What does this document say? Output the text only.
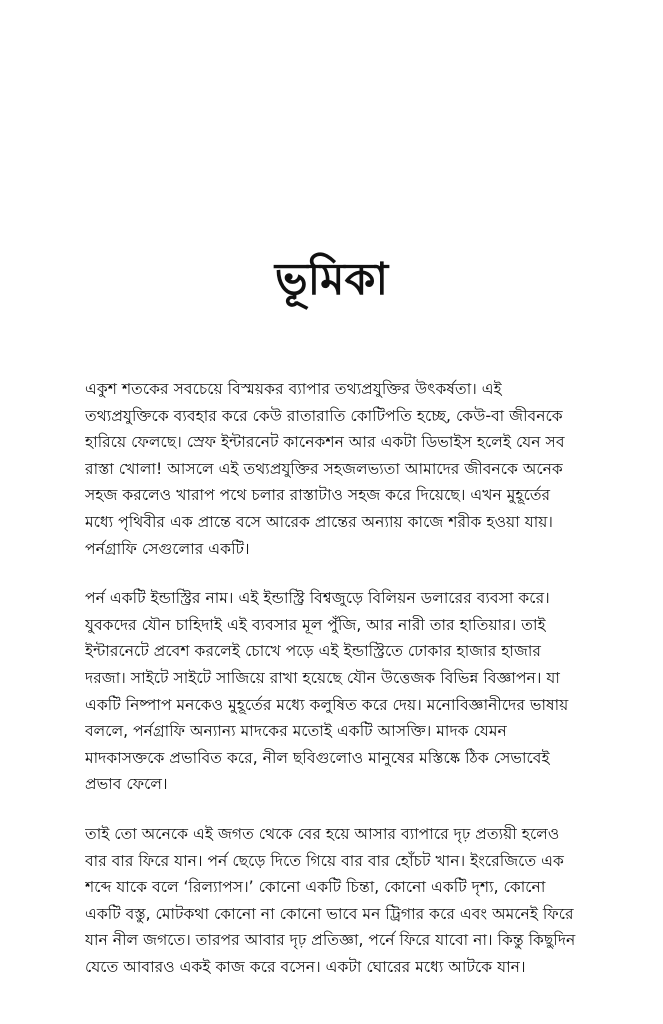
ভূমিকা

একুশ শতকের সবচেয়ে বিস্ময়কর ব্যাপার তথ্যপ্রযুক্তির উৎকর্ষতা। এই
তথ্যপ্রযুক্তিকে ব্যবহার করে কেউ রাতারাতি কোটিপতি হচ্ছে, কেউ-বা জীবনকে
হারিয়ে ফেলছে। স্রেফ ইন্টারনেট কানেকশন আর একটা ডিভাইস হলেই যেন সব
রাস্তা খোলা! আসলে এই তথ্যপ্রযুক্তির সহজলভ্যতা আমাদের জীবনকে অনেক
সহজ করলেও খারাপ পথে চলার রাস্তাটাও সহজ করে দিয়েছে। এখন মুহূর্তের
মধ্যে পৃথিবীর এক প্রান্তে বসে আরেক প্রান্তের অন্যায় কাজে শরীক হওয়া যায়।
পর্নগ্রাফি সেগুলোর একটি।

পর্ন একটি ইন্ডাস্ট্রির নাম। এই ইন্ডাস্ট্রি বিশ্বজুড়ে বিলিয়ন ডলারের ব্যবসা করে।
যুবকদের যৌন চাহিদাই এই ব্যবসার মূল পুঁজি, আর নারী তার হাতিয়ার। তাই
ইন্টারনেটে প্রবেশ করলেই চোখে পড়ে এই ইন্ডাস্ট্রিতে ঢোকার হাজার হাজার
দরজা। সাইটে সাইটে সাজিয়ে রাখা হয়েছে যৌন উত্তেজক বিভিন্ন বিজ্ঞাপন। যা
একটি নিষ্পাপ মনকেও মুহূর্তের মধ্যে কলুষিত করে দেয়। মনোবিজ্ঞানীদের ভাষায়
বললে, পর্নগ্রাফি অন্যান্য মাদকের মতোই একটি আসক্তি। মাদক যেমন
মাদকাসক্তকে প্রভাবিত করে, নীল ছবিগুলোও মানুষের মস্তিষ্কে ঠিক সেভাবেই
প্রভাব ফেলে।

তাই তো অনেকে এই জগত থেকে বের হয়ে আসার ব্যাপারে দৃঢ় প্রত্যয়ী হলেও
বার বার ফিরে যান। পর্ন ছেড়ে দিতে গিয়ে বার বার হোঁচট খান। ইংরেজিতে এক
শব্দে যাকে বলে ‘রিল্যাপস।’ কোনো একটি চিন্তা, কোনো একটি দৃশ্য, কোনো
একটি বস্তু, মোটকথা কোনো না কোনো ভাবে মন ট্রিগার করে এবং অমনেই ফিরে
যান নীল জগতে। তারপর আবার দৃঢ় প্রতিজ্ঞা, পর্নে ফিরে যাবো না। কিন্তু কিছুদিন
যেতে আবারও একই কাজ করে বসেন। একটা ঘোরের মধ্যে আটকে যান।
